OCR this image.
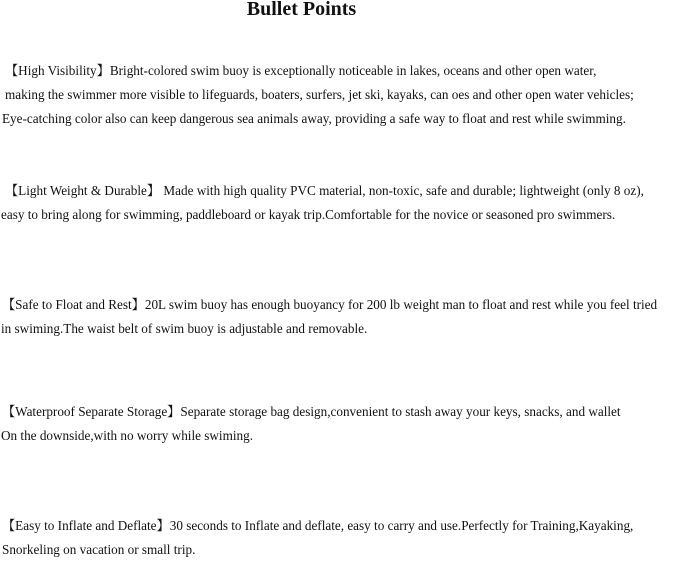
Bullet Points
【High Visibility】Bright-colored swim buoy is exceptionally noticeable in lakes, oceans and other open water,
making the swimmer more visible to lifeguards, boaters, surfers, jet ski, kayaks, can oes and other open water vehicles;
Eye-catching color also can keep dangerous sea animals away, providing a safe way to float and rest while swimming.
【Light Weight & Durable】 Made with high quality PVC material, non-toxic, safe and durable; lightweight (only 8 oz),
easy to bring along for swimming, paddleboard or kayak trip.Comfortable for the novice or seasoned pro swimmers.
【Safe to Float and Rest】20L swim buoy has enough buoyancy for 200 lb weight man to float and rest while you feel tried
in swiming.The waist belt of swim buoy is adjustable and removable.
【Waterproof Separate Storage】Separate storage bag design,convenient to stash away your keys, snacks, and wallet
On the downside,with no worry while swiming.
【Easy to Inflate and Deflate】30 seconds to Inflate and deflate, easy to carry and use.Perfectly for Training,Kayaking,
Snorkeling on vacation or small trip.
